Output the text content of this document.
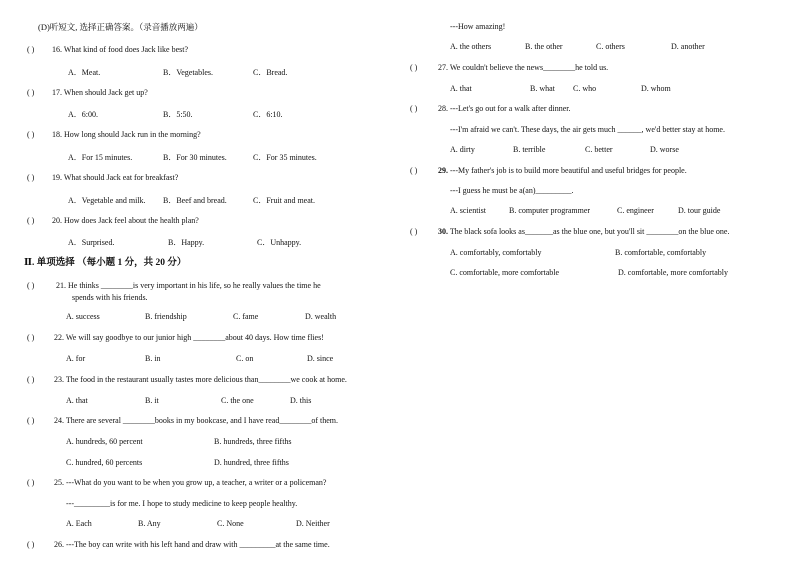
(D)听短文, 选择正确答案。（录音播放两遍）
( ) 16. What kind of food does Jack like best?
A．Meat.	B．Vegetables.	C．Bread.
( ) 17. When should Jack get up?
A．6:00.	B．5:50.	C．6:10.
( ) 18. How long should Jack run in the morning?
A．For 15 minutes.	B．For 30 minutes.	C．For 35 minutes.
( ) 19. What should Jack eat for breakfast?
A．Vegetable and milk. B．Beef and bread.	C．Fruit and meat.
( ) 20. How does Jack feel about the health plan?
A．Surprised.	B．Happy.	C．Unhappy.
Ⅱ. 单项选择 （每小题 1 分，共 20 分）
( )	21. He thinks ________is very important in his life, so he really values the time he
spends with his friends.
A. success	B. friendship	C. fame	D. wealth
( ) 22. We will say goodbye to our junior high ________about 40 days. How time flies!
A. for	B. in	C. on	D. since
( ) 23. The food in the restaurant usually tastes more delicious than________we cook at home.
A. that	B. it	C. the one	D. this
( ) 24. There are several ________books in my bookcase, and I have read________of them.
A. hundreds, 60 percent	B. hundreds, three fifths
C. hundred, 60 percents	D. hundred, three fifths
( ) 25. ---What do you want to be when you grow up, a teacher, a writer or a policeman?
---_________is for me. I hope to study medicine to keep people healthy.
A. Each	B. Any	C. None	D. Neither
( ) 26. ---The boy can write with his left hand and draw with _________at the same time.
---How amazing!
A. the others	B. the other	C. others	D. another
( )	27. We couldn't believe the news________he told us.
A. that	B. what C. who	D. whom
( )	28. ---Let's go out for a walk after dinner.
---I'm afraid we can't. These days, the air gets much ______, we'd better stay at home.
A. dirty	B. terrible	C. better	D. worse
( )	29. ---My father's job is to build more beautiful and useful bridges for people.
---I guess he must be a(an)_________.
A. scientist	B. computer programmer	C. engineer	D. tour guide
( )	30. The black sofa looks as_______as the blue one, but you'll sit ________on the blue one.
A. comfortably, comfortably	B. comfortable, comfortably
C. comfortable, more comfortable	D. comfortable, more comfortably
